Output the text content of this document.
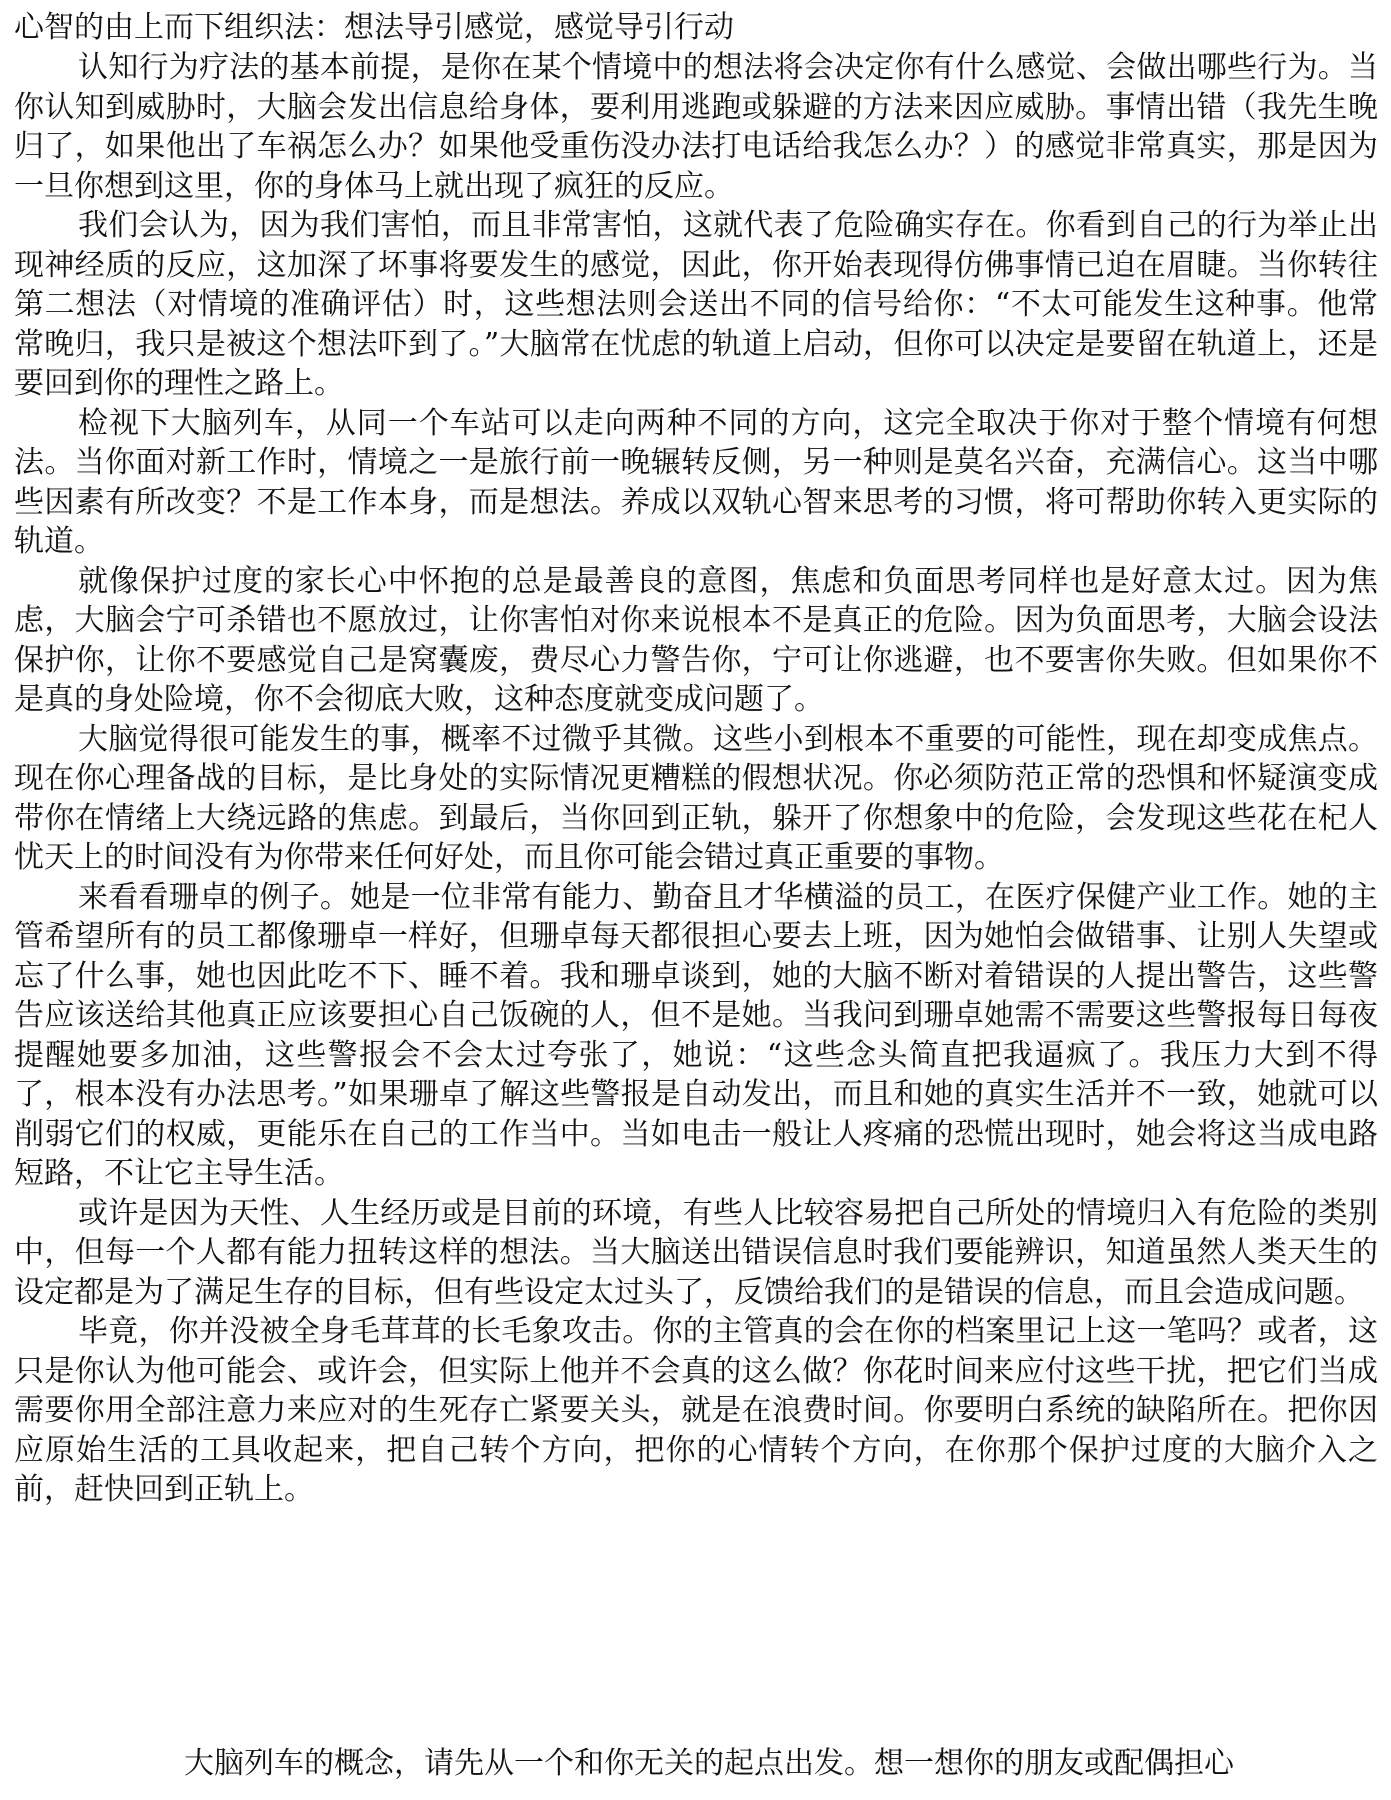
心智的由上而下组织法：想法导引感觉，感觉导引行动

认知行为疗法的基本前提，是你在某个情境中的想法将会决定你有什么感觉、会做出哪些行为。当你认知到威胁时，大脑会发出信息给身体，要利用逃跑或躲避的方法来因应威胁。事情出错（我先生晚归了，如果他出了车祸怎么办？如果他受重伤没办法打电话给我怎么办？）的感觉非常真实，那是因为一旦你想到这里，你的身体马上就出现了疯狂的反应。

我们会认为，因为我们害怕，而且非常害怕，这就代表了危险确实存在。你看到自己的行为举止出现神经质的反应，这加深了坏事将要发生的感觉，因此，你开始表现得仿佛事情已迫在眉睫。当你转往第二想法（对情境的准确评估）时，这些想法则会送出不同的信号给你：“不太可能发生这种事。他常常晚归，我只是被这个想法吓到了。”大脑常在忧虑的轨道上启动，但你可以决定是要留在轨道上，还是要回到你的理性之路上。

检视下大脑列车，从同一个车站可以走向两种不同的方向，这完全取决于你对于整个情境有何想法。当你面对新工作时，情境之一是旅行前一晚辗转反侧，另一种则是莫名兴奋，充满信心。这当中哪些因素有所改变？不是工作本身，而是想法。养成以双轨心智来思考的习惯，将可帮助你转入更实际的轨道。

就像保护过度的家长心中怀抱的总是最善良的意图，焦虑和负面思考同样也是好意太过。因为焦虑，大脑会宁可杀错也不愿放过，让你害怕对你来说根本不是真正的危险。因为负面思考，大脑会设法保护你，让你不要感觉自己是窝囊废，费尽心力警告你，宁可让你逃避，也不要害你失败。但如果你不是真的身处险境，你不会彻底大败，这种态度就变成问题了。

大脑觉得很可能发生的事，概率不过微乎其微。这些小到根本不重要的可能性，现在却变成焦点。现在你心理备战的目标，是比身处的实际情况更糟糕的假想状况。你必须防范正常的恐惧和怀疑演变成带你在情绪上大绕远路的焦虑。到最后，当你回到正轨，躲开了你想象中的危险，会发现这些花在杞人忧天上的时间没有为你带来任何好处，而且你可能会错过真正重要的事物。

来看看珊卓的例子。她是一位非常有能力、勤奋且才华横溢的员工，在医疗保健产业工作。她的主管希望所有的员工都像珊卓一样好，但珊卓每天都很担心要去上班，因为她怕会做错事、让别人失望或忘了什么事，她也因此吃不下、睡不着。我和珊卓谈到，她的大脑不断对着错误的人提出警告，这些警告应该送给其他真正应该要担心自己饭碗的人，但不是她。当我问到珊卓她需不需要这些警报每日每夜提醒她要多加油，这些警报会不会太过夸张了，她说：“这些念头简直把我逼疯了。我压力大到不得了，根本没有办法思考。”如果珊卓了解这些警报是自动发出，而且和她的真实生活并不一致，她就可以削弱它们的权威，更能乐在自己的工作当中。当如电击一般让人疼痛的恐慌出现时，她会将这当成电路短路，不让它主导生活。

或许是因为天性、人生经历或是目前的环境，有些人比较容易把自己所处的情境归入有危险的类别中，但每一个人都有能力扭转这样的想法。当大脑送出错误信息时我们要能辨识，知道虽然人类天生的设定都是为了满足生存的目标，但有些设定太过头了，反馈给我们的是错误的信息，而且会造成问题。

毕竟，你并没被全身毛茸茸的长毛象攻击。你的主管真的会在你的档案里记上这一笔吗？或者，这只是你认为他可能会、或许会，但实际上他并不会真的这么做？你花时间来应付这些干扰，把它们当成需要你用全部注意力来应对的生死存亡紧要关头，就是在浪费时间。你要明白系统的缺陷所在。把你因应原始生活的工具收起来，把自己转个方向，把你的心情转个方向，在你那个保护过度的大脑介入之前，赶快回到正轨上。

大脑列车的概念，请先从一个和你无关的起点出发。想一想你的朋友或配偶担心
